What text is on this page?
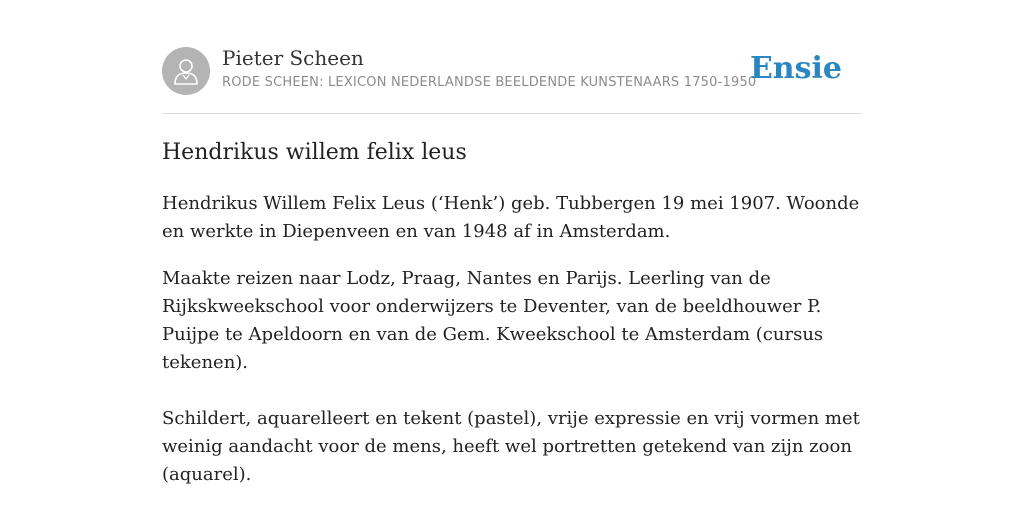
Pieter Scheen
RODE SCHEEN: LEXICON NEDERLANDSE BEELDENDE KUNSTENAARS 1750-1950
Ensie
Hendrikus willem felix leus

Hendrikus Willem Felix Leus (‘Henk’) geb. Tubbergen 19 mei 1907. Woonde en werkte in Diepenveen en van 1948 af in Amsterdam.

Maakte reizen naar Lodz, Praag, Nantes en Parijs. Leerling van de Rijkskweekschool voor onderwijzers te Deventer, van de beeldhouwer P. Puijpe te Apeldoorn en van de Gem. Kweekschool te Amsterdam (cursus tekenen).

Schildert, aquarelleert en tekent (pastel), vrije expressie en vrij vormen met weinig aandacht voor de mens, heeft wel portretten getekend van zijn zoon (aquarel).
